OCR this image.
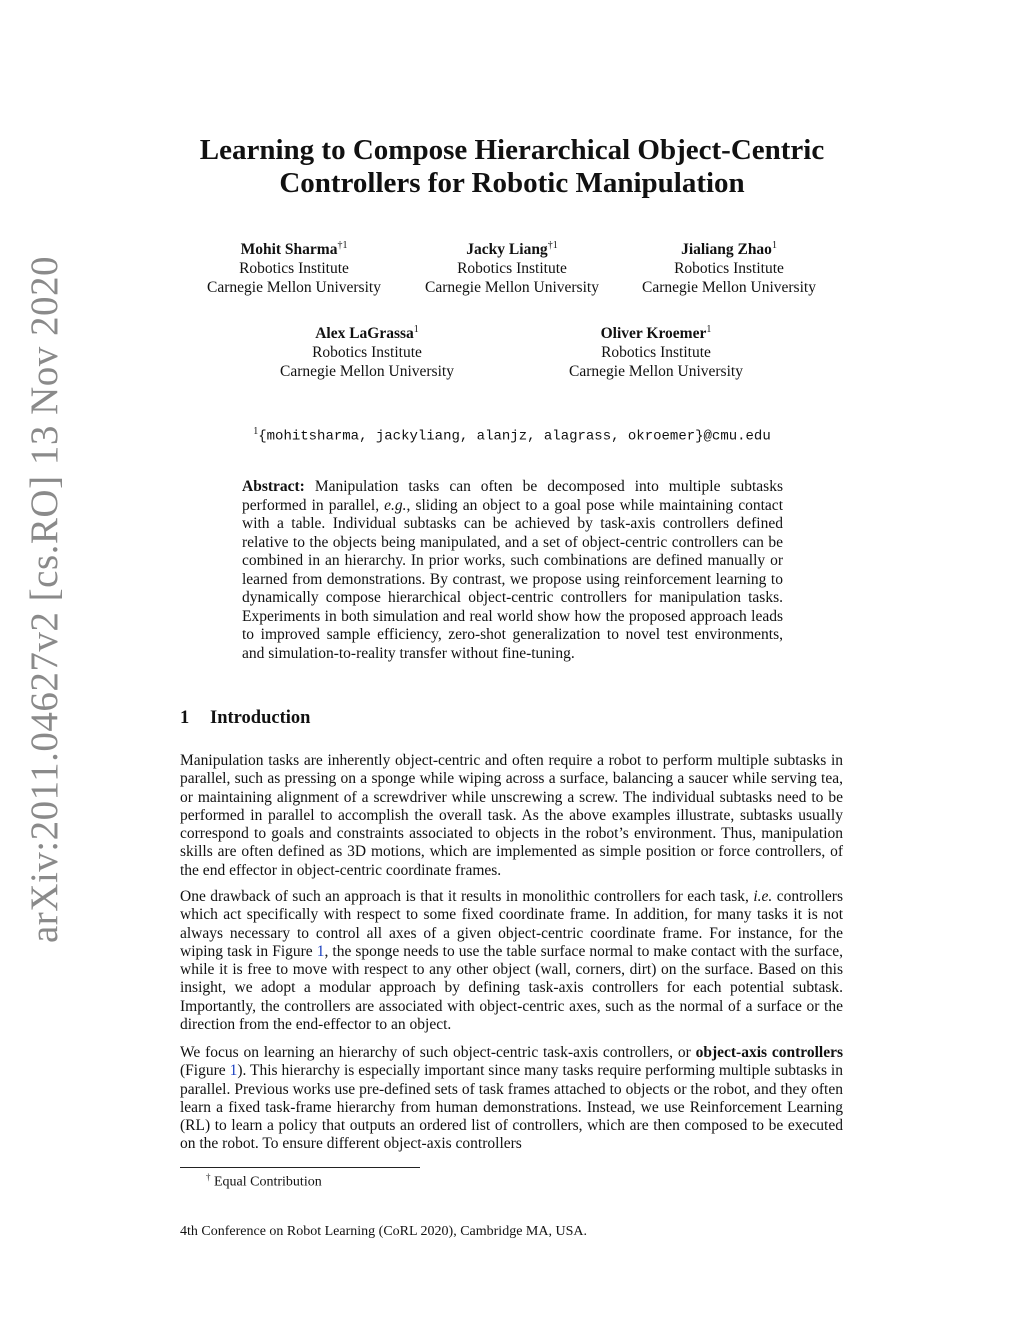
arXiv:2011.04627v2 [cs.RO] 13 Nov 2020
Learning to Compose Hierarchical Object-Centric
Controllers for Robotic Manipulation
Mohit Sharma$^{\dagger 1}$
Robotics Institute
Carnegie Mellon University
Jacky Liang$^{\dagger 1}$
Robotics Institute
Carnegie Mellon University
Jialiang Zhao$^1$
Robotics Institute
Carnegie Mellon University
Alex LaGrassa$^1$
Robotics Institute
Carnegie Mellon University
Oliver Kroemer$^1$
Robotics Institute
Carnegie Mellon University
$^1${mohitsharma, jackyliang, alanjz, alagrass, okroemer}@cmu.edu
Abstract: Manipulation tasks can often be decomposed into multiple subtasks performed in parallel, e.g., sliding an object to a goal pose while maintaining contact with a table. Individual subtasks can be achieved by task-axis controllers defined relative to the objects being manipulated, and a set of object-centric controllers can be combined in an hierarchy. In prior works, such combinations are defined manually or learned from demonstrations. By contrast, we propose using reinforcement learning to dynamically compose hierarchical object-centric controllers for manipulation tasks. Experiments in both simulation and real world show how the proposed approach leads to improved sample efficiency, zero-shot generalization to novel test environments, and simulation-to-reality transfer without fine-tuning.
1 Introduction

Manipulation tasks are inherently object-centric and often require a robot to perform multiple subtasks in parallel, such as pressing on a sponge while wiping across a surface, balancing a saucer while serving tea, or maintaining alignment of a screwdriver while unscrewing a screw. The individual subtasks need to be performed in parallel to accomplish the overall task. As the above examples illustrate, subtasks usually correspond to goals and constraints associated to objects in the robot’s environment. Thus, manipulation skills are often defined as 3D motions, which are implemented as simple position or force controllers, of the end effector in object-centric coordinate frames.

One drawback of such an approach is that it results in monolithic controllers for each task, i.e. controllers which act specifically with respect to some fixed coordinate frame. In addition, for many tasks it is not always necessary to control all axes of a given object-centric coordinate frame. For instance, for the wiping task in Figure 1, the sponge needs to use the table surface normal to make contact with the surface, while it is free to move with respect to any other object (wall, corners, dirt) on the surface. Based on this insight, we adopt a modular approach by defining task-axis controllers for each potential subtask. Importantly, the controllers are associated with object-centric axes, such as the normal of a surface or the direction from the end-effector to an object.

We focus on learning an hierarchy of such object-centric task-axis controllers, or object-axis controllers (Figure 1). This hierarchy is especially important since many tasks require performing multiple subtasks in parallel. Previous works use pre-defined sets of task frames attached to objects or the robot, and they often learn a fixed task-frame hierarchy from human demonstrations. Instead, we use Reinforcement Learning (RL) to learn a policy that outputs an ordered list of controllers, which are then composed to be executed on the robot. To ensure different object-axis controllers

† Equal Contribution
4th Conference on Robot Learning (CoRL 2020), Cambridge MA, USA.
